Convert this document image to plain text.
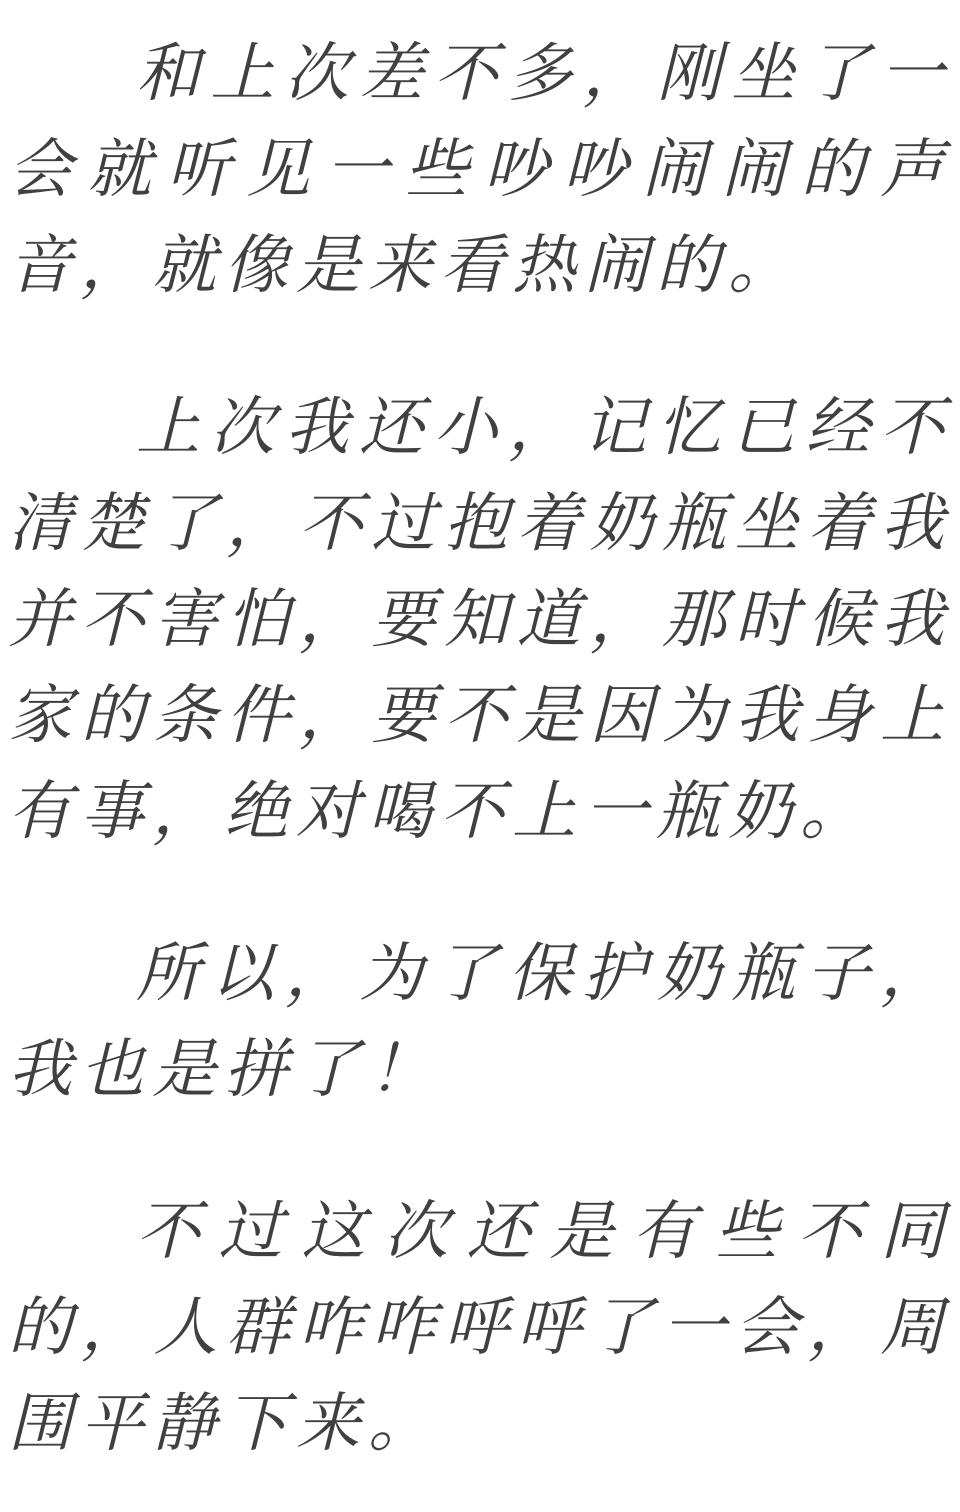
和上次差不多，刚坐了一会就听见一些吵吵闹闹的声音，就像是来看热闹的。

上次我还小，记忆已经不清楚了，不过抱着奶瓶坐着我并不害怕，要知道，那时候我家的条件，要不是因为我身上有事，绝对喝不上一瓶奶。

所以，为了保护奶瓶子，我也是拼了！

不过这次还是有些不同的，人群咋咋呼呼了一会，周围平静下来。
